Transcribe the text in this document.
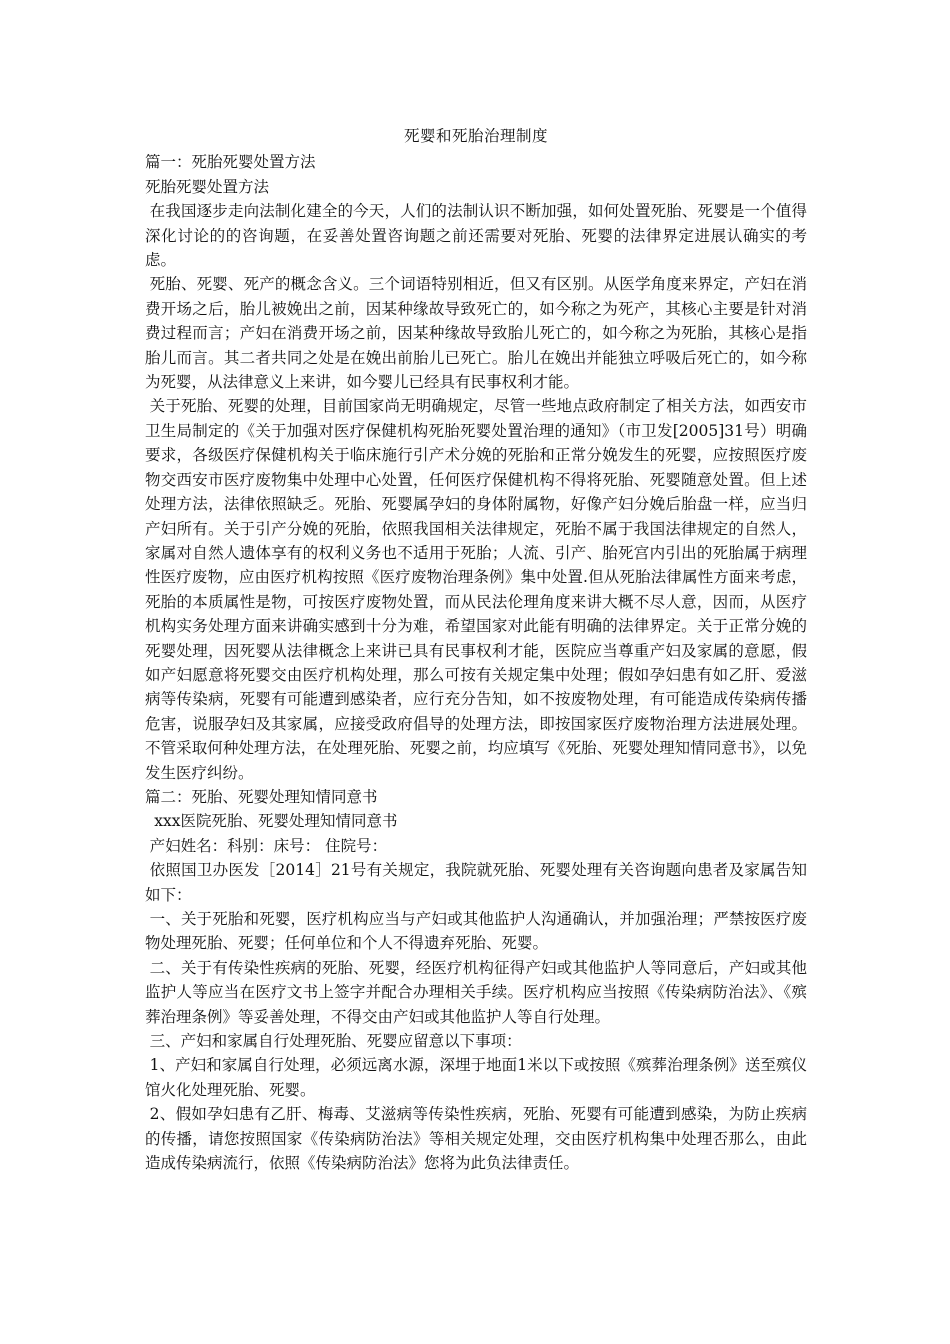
死婴和死胎治理制度

篇一：死胎死婴处置方法

死胎死婴处置方法

在我国逐步走向法制化建全的今天，人们的法制认识不断加强，如何处置死胎、死婴是一个值得深化讨论的的咨询题，在妥善处置咨询题之前还需要对死胎、死婴的法律界定进展认确实的考虑。

死胎、死婴、死产的概念含义。三个词语特别相近，但又有区别。从医学角度来界定，产妇在消费开场之后，胎儿被娩出之前，因某种缘故导致死亡的，如今称之为死产，其核心主要是针对消费过程而言；产妇在消费开场之前，因某种缘故导致胎儿死亡的，如今称之为死胎，其核心是指胎儿而言。其二者共同之处是在娩出前胎儿已死亡。胎儿在娩出并能独立呼吸后死亡的，如今称为死婴，从法律意义上来讲，如今婴儿已经具有民事权利才能。

关于死胎、死婴的处理，目前国家尚无明确规定，尽管一些地点政府制定了相关方法，如西安市卫生局制定的《关于加强对医疗保健机构死胎死婴处置治理的通知》（市卫发[2005]31号）明确要求，各级医疗保健机构关于临床施行引产术分娩的死胎和正常分娩发生的死婴，应按照医疗废物交西安市医疗废物集中处理中心处置，任何医疗保健机构不得将死胎、死婴随意处置。但上述处理方法，法律依照缺乏。死胎、死婴属孕妇的身体附属物，好像产妇分娩后胎盘一样，应当归产妇所有。关于引产分娩的死胎，依照我国相关法律规定，死胎不属于我国法律规定的自然人，家属对自然人遗体享有的权利义务也不适用于死胎；人流、引产、胎死宫内引出的死胎属于病理性医疗废物，应由医疗机构按照《医疗废物治理条例》集中处置.但从死胎法律属性方面来考虑，死胎的本质属性是物，可按医疗废物处置，而从民法伦理角度来讲大概不尽人意，因而，从医疗机构实务处理方面来讲确实感到十分为难，希望国家对此能有明确的法律界定。关于正常分娩的死婴处理，因死婴从法律概念上来讲已具有民事权利才能，医院应当尊重产妇及家属的意愿，假如产妇愿意将死婴交由医疗机构处理，那么可按有关规定集中处理；假如孕妇患有如乙肝、爱滋病等传染病，死婴有可能遭到感染者，应行充分告知，如不按废物处理，有可能造成传染病传播危害，说服孕妇及其家属，应接受政府倡导的处理方法，即按国家医疗废物治理方法进展处理。不管采取何种处理方法，在处理死胎、死婴之前，均应填写《死胎、死婴处理知情同意书》，以免发生医疗纠纷。

篇二：死胎、死婴处理知情同意书

xxx医院死胎、死婴处理知情同意书

产妇姓名：科别：床号： 住院号：

依照国卫办医发［2014］21号有关规定，我院就死胎、死婴处理有关咨询题向患者及家属告知如下：

一、关于死胎和死婴，医疗机构应当与产妇或其他监护人沟通确认，并加强治理；严禁按医疗废物处理死胎、死婴；任何单位和个人不得遗弃死胎、死婴。

二、关于有传染性疾病的死胎、死婴，经医疗机构征得产妇或其他监护人等同意后，产妇或其他监护人等应当在医疗文书上签字并配合办理相关手续。医疗机构应当按照《传染病防治法》、《殡葬治理条例》等妥善处理，不得交由产妇或其他监护人等自行处理。

三、产妇和家属自行处理死胎、死婴应留意以下事项：

1、产妇和家属自行处理，必须远离水源，深埋于地面1米以下或按照《殡葬治理条例》送至殡仪馆火化处理死胎、死婴。

2、假如孕妇患有乙肝、梅毒、艾滋病等传染性疾病，死胎、死婴有可能遭到感染，为防止疾病的传播，请您按照国家《传染病防治法》等相关规定处理，交由医疗机构集中处理否那么，由此造成传染病流行，依照《传染病防治法》您将为此负法律责任。
